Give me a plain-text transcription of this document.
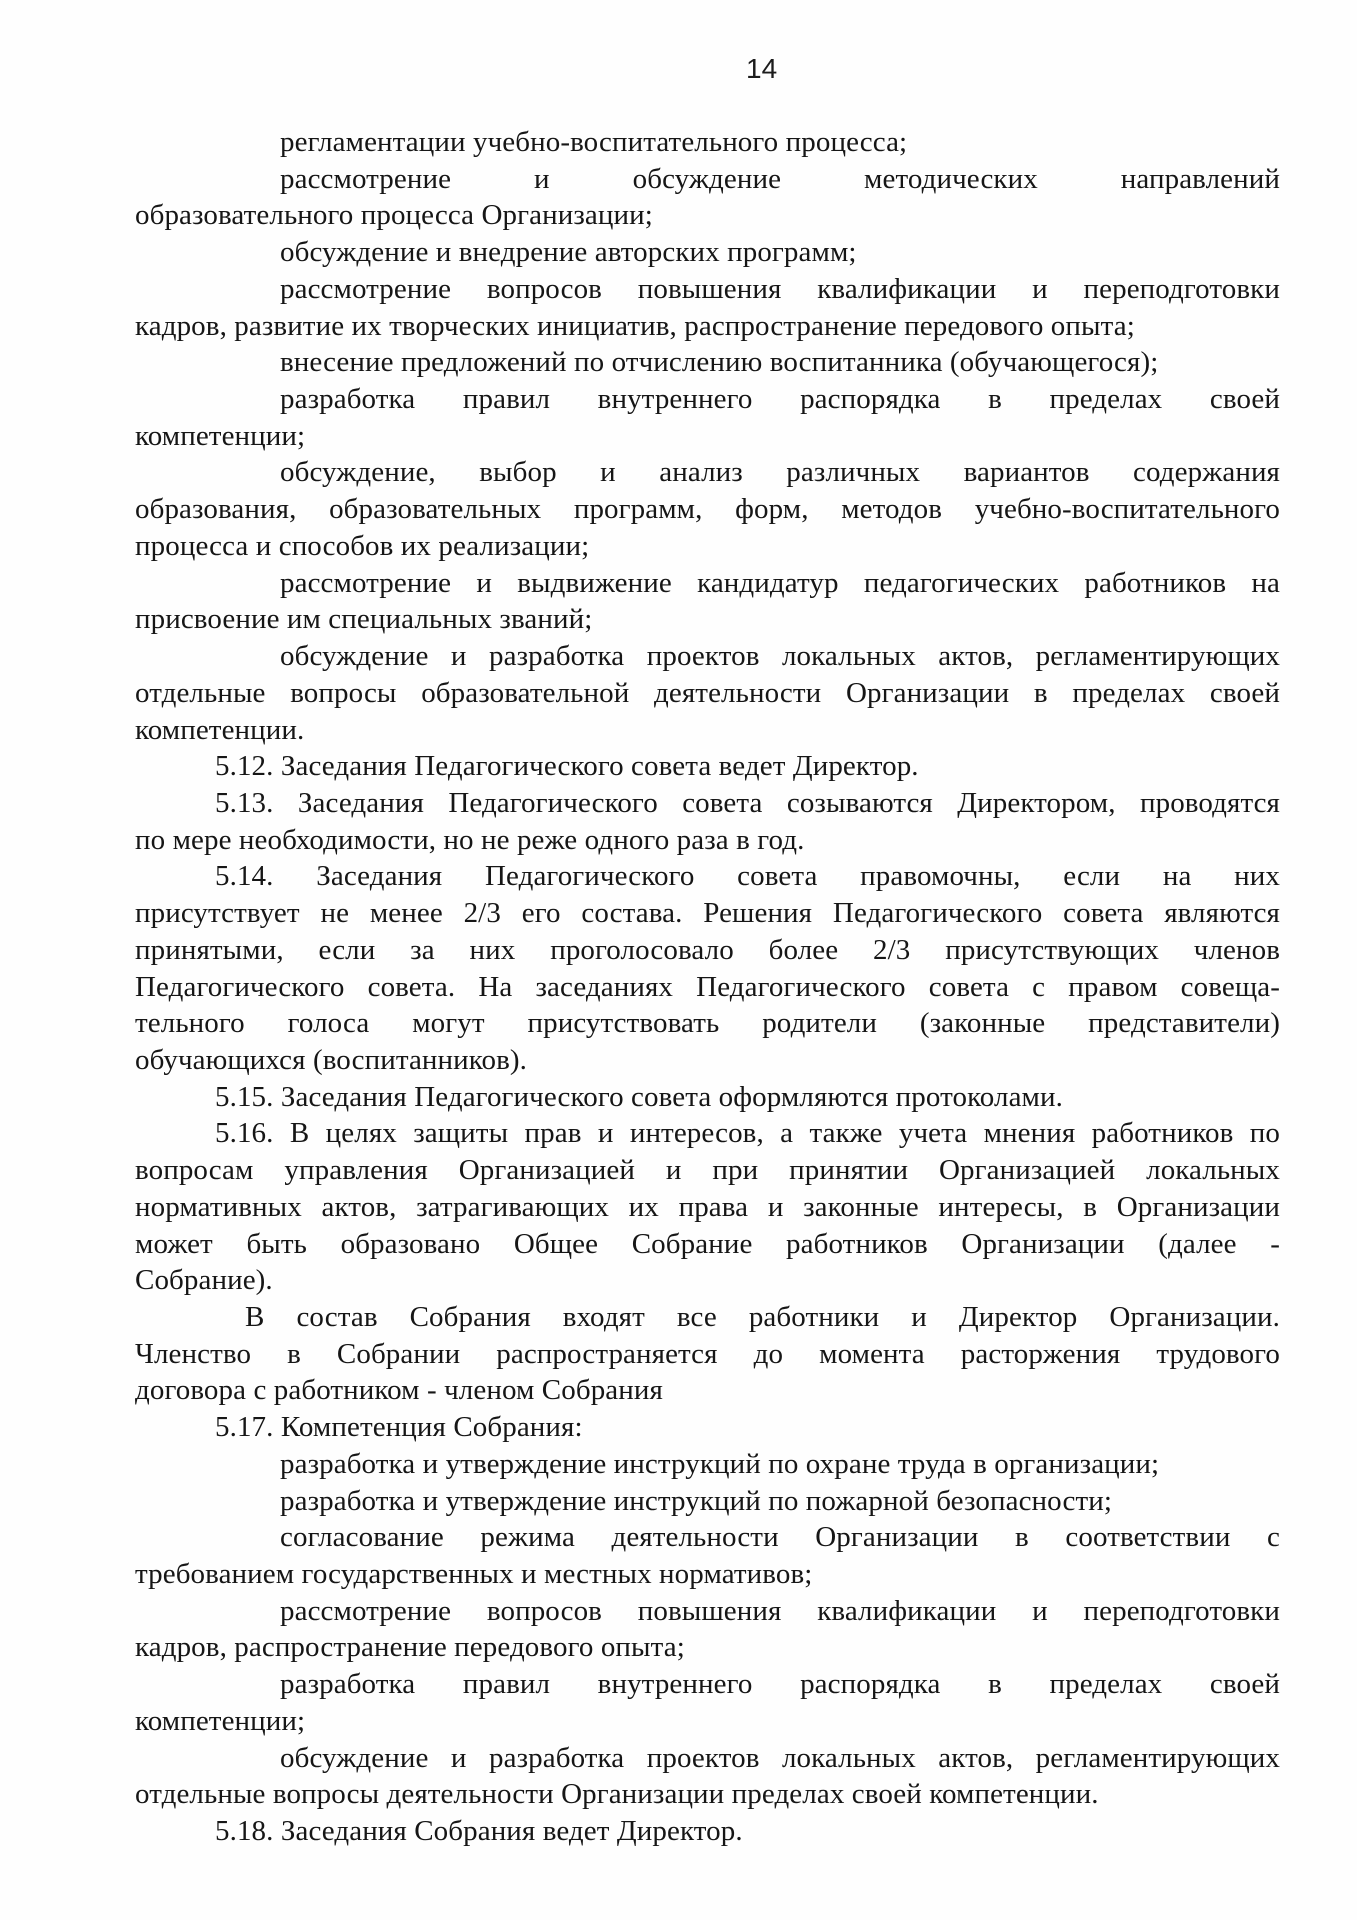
14
регламентации учебно-воспитательного процесса;
рассмотрение и обсуждение методических направлений
образовательного процесса Организации;
обсуждение и внедрение авторских программ;
рассмотрение вопросов повышения квалификации и переподготовки
кадров, развитие их творческих инициатив, распространение передового опыта;
внесение предложений по отчислению воспитанника (обучающегося);
разработка правил внутреннего распорядка в пределах своей
компетенции;
обсуждение, выбор и анализ различных вариантов содержания
образования, образовательных программ, форм, методов учебно-воспитательного
процесса и способов их реализации;
рассмотрение и выдвижение кандидатур педагогических работников на
присвоение им специальных званий;
обсуждение и разработка проектов локальных актов, регламентирующих
отдельные вопросы образовательной деятельности Организации в пределах своей
компетенции.
5.12. Заседания Педагогического совета ведет Директор.
5.13. Заседания Педагогического совета созываются Директором, проводятся
по мере необходимости, но не реже одного раза в год.
5.14. Заседания Педагогического совета правомочны, если на них
присутствует не менее 2/3 его состава. Решения Педагогического совета являются
принятыми, если за них проголосовало более 2/3 присутствующих членов
Педагогического совета. На заседаниях Педагогического совета с правом совеща-
тельного голоса могут присутствовать родители (законные представители)
обучающихся (воспитанников).
5.15. Заседания Педагогического совета оформляются протоколами.
5.16. В целях защиты прав и интересов, а также учета мнения работников по
вопросам управления Организацией и при принятии Организацией локальных
нормативных актов, затрагивающих их права и законные интересы, в Организации
может быть образовано Общее Собрание работников Организации (далее -
Собрание).
В состав Собрания входят все работники и Директор Организации.
Членство в Собрании распространяется до момента расторжения трудового
договора с работником - членом Собрания
5.17. Компетенция Собрания:
разработка и утверждение инструкций по охране труда в организации;
разработка и утверждение инструкций по пожарной безопасности;
согласование режима деятельности Организации в соответствии с
требованием государственных и местных нормативов;
рассмотрение вопросов повышения квалификации и переподготовки
кадров, распространение передового опыта;
разработка правил внутреннего распорядка в пределах своей
компетенции;
обсуждение и разработка проектов локальных актов, регламентирующих
отдельные вопросы деятельности Организации пределах своей компетенции.
5.18. Заседания Собрания ведет Директор.
